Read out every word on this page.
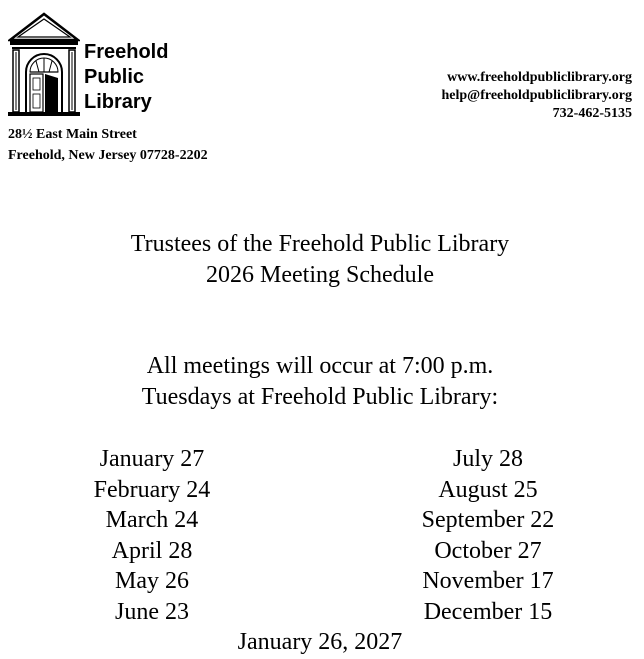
Freehold
Public
Library
28½ East Main Street
Freehold, New Jersey 07728-2202
www.freeholdpubliclibrary.org
help@freeholdpubliclibrary.org
732-462-5135
Trustees of the Freehold Public Library
2026 Meeting Schedule
All meetings will occur at 7:00 p.m.
Tuesdays at Freehold Public Library:
January 27
February 24
March 24
April 28
May 26
June 23
July 28
August 25
September 22
October 27
November 17
December 15
January 26, 2027
